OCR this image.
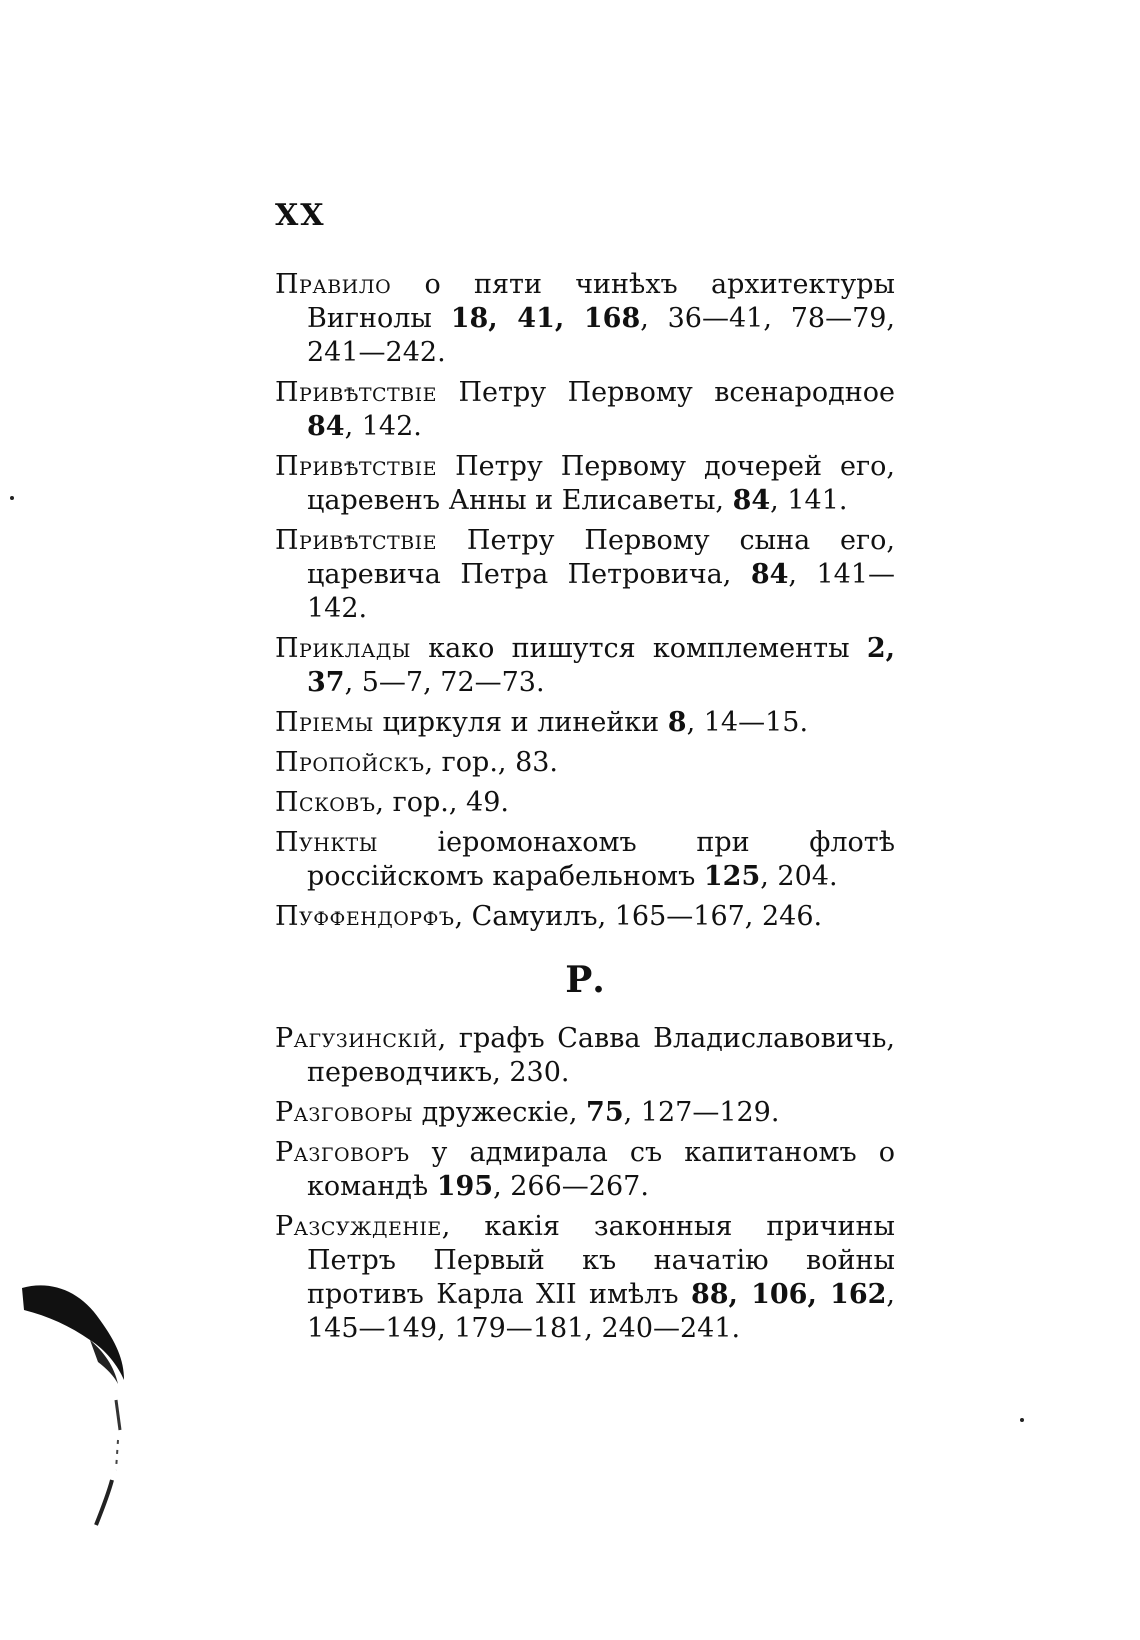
XX
Правило о пяти чинѣхъ архитектуры Вигнолы 18, 41, 168, 36—41, 78—79, 241—242.
Привѣтствіе Петру Первому всенародное 84, 142.
Привѣтствіе Петру Первому дочерей его, царевенъ Анны и Елисаветы, 84, 141.
Привѣтствіе Петру Первому сына его, царевича Петра Петровича, 84, 141—142.
Приклады како пишутся комплементы 2, 37, 5—7, 72—73.
Пріемы циркуля и линейки 8, 14—15.
Пропойскъ, гор., 83.
Псковъ, гор., 49.
Пункты іеромонахомъ при флотѣ россійскомъ карабельномъ 125, 204.
Пуффендорфъ, Самуилъ, 165—167, 246.
Р.
Рагузинскій, графъ Савва Владиславовичь, переводчикъ, 230.
Разговоры дружескіе, 75, 127—129.
Разговоръ у адмирала съ капитаномъ о командѣ 195, 266—267.
Разсужденіе, какія законныя причины Петръ Первый къ начатію войны противъ Карла XII имѣлъ 88, 106, 162, 145—149, 179—181, 240—241.
